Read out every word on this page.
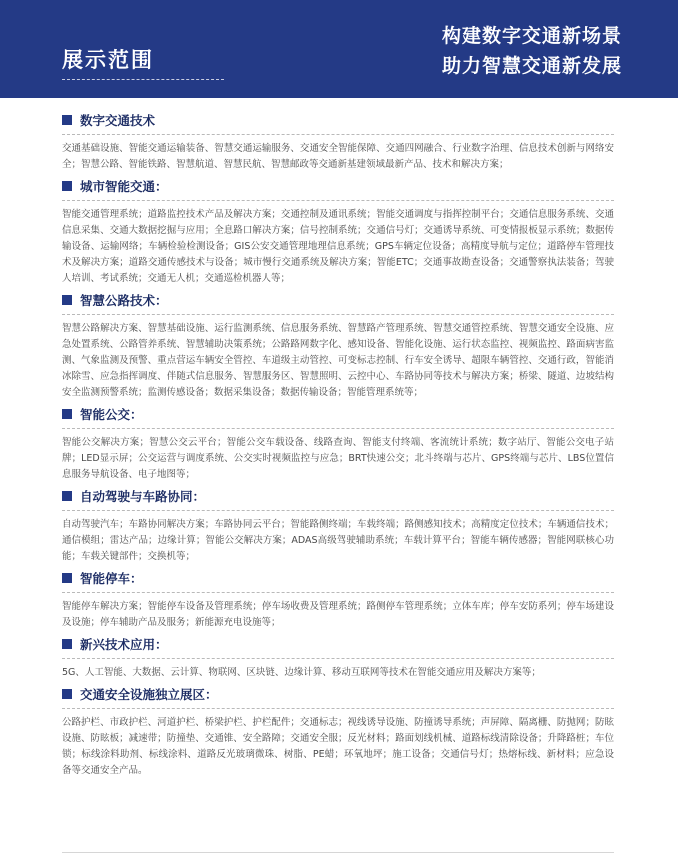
展示范围
构建数字交通新场景
助力智慧交通新发展
数字交通技术

交通基础设施、智能交通运输装备、智慧交通运输服务、交通安全智能保障、交通四网融合、行业数字治理、信息技术创新与网络安全；智慧公路、智能铁路、智慧航道、智慧民航、智慧邮政等交通新基建领域最新产品、技术和解决方案；

城市智能交通：

智能交通管理系统；道路监控技术产品及解决方案；交通控制及通讯系统；智能交通调度与指挥控制平台；交通信息服务系统、交通信息采集、交通大数据挖掘与应用；全息路口解决方案；信号控制系统；交通信号灯；交通诱导系统、可变情报板显示系统；数据传输设备、运输网络；车辆检验检测设备；GIS公安交通管理地理信息系统；GPS车辆定位设备；高精度导航与定位；道路停车管理技术及解决方案；道路交通传感技术与设备；城市慢行交通系统及解决方案；智能ETC；交通事故勘查设备；交通警察执法装备；驾驶人培训、考试系统；交通无人机；交通巡检机器人等；

智慧公路技术：

智慧公路解决方案、智慧基础设施、运行监测系统、信息服务系统、智慧路产管理系统、智慧交通管控系统、智慧交通安全设施、应急处置系统、公路管养系统、智慧辅助决策系统；公路路网数字化、感知设备、智能化设施、运行状态监控、视频监控、路面病害监测、气象监测及预警、重点营运车辆安全管控、车道级主动管控、可变标志控制、行车安全诱导、超限车辆管控、交通行政，智能消冰除雪、应急指挥调度、伴随式信息服务、智慧服务区、智慧照明、云控中心、车路协同等技术与解决方案；桥梁、隧道、边坡结构安全监测预警系统；监测传感设备；数据采集设备；数据传输设备；智能管理系统等；

智能公交：

智能公交解决方案；智慧公交云平台；智能公交车载设备、线路查询、智能支付终端、客流统计系统；数字站厅、智能公交电子站牌；LED显示屏；公交运营与调度系统、公交实时视频监控与应急；BRT快速公交；北斗终端与芯片、GPS终端与芯片、LBS位置信息服务导航设备、电子地图等；

自动驾驶与车路协同：

自动驾驶汽车；车路协同解决方案；车路协同云平台；智能路侧终端；车载终端；路侧感知技术；高精度定位技术；车辆通信技术；通信模组；雷达产品；边缘计算；智能公交解决方案；ADAS高级驾驶辅助系统；车载计算平台；智能车辆传感器；智能网联核心功能；车载关键部件；交换机等；

智能停车：

智能停车解决方案；智能停车设备及管理系统；停车场收费及管理系统；路侧停车管理系统；立体车库；停车安防系列；停车场建设及设施；停车辅助产品及服务；新能源充电设施等；

新兴技术应用：

5G、人工智能、大数据、云计算、物联网、区块链、边缘计算、移动互联网等技术在智能交通应用及解决方案等；

交通安全设施独立展区：

公路护栏、市政护栏、河道护栏、桥梁护栏、护栏配件；交通标志；视线诱导设施、防撞诱导系统；声屏障、隔离栅、防抛网；防眩设施、防眩板；减速带；防撞垫、交通锥、安全路障；交通安全服；反光材料；路面划线机械、道路标线清除设备；升降路桩；车位锁；标线涂料助剂、标线涂料、道路反光玻璃微珠、树脂、PE蜡；环氧地坪；施工设备；交通信号灯；热熔标线、新材料；应急设备等交通安全产品。
